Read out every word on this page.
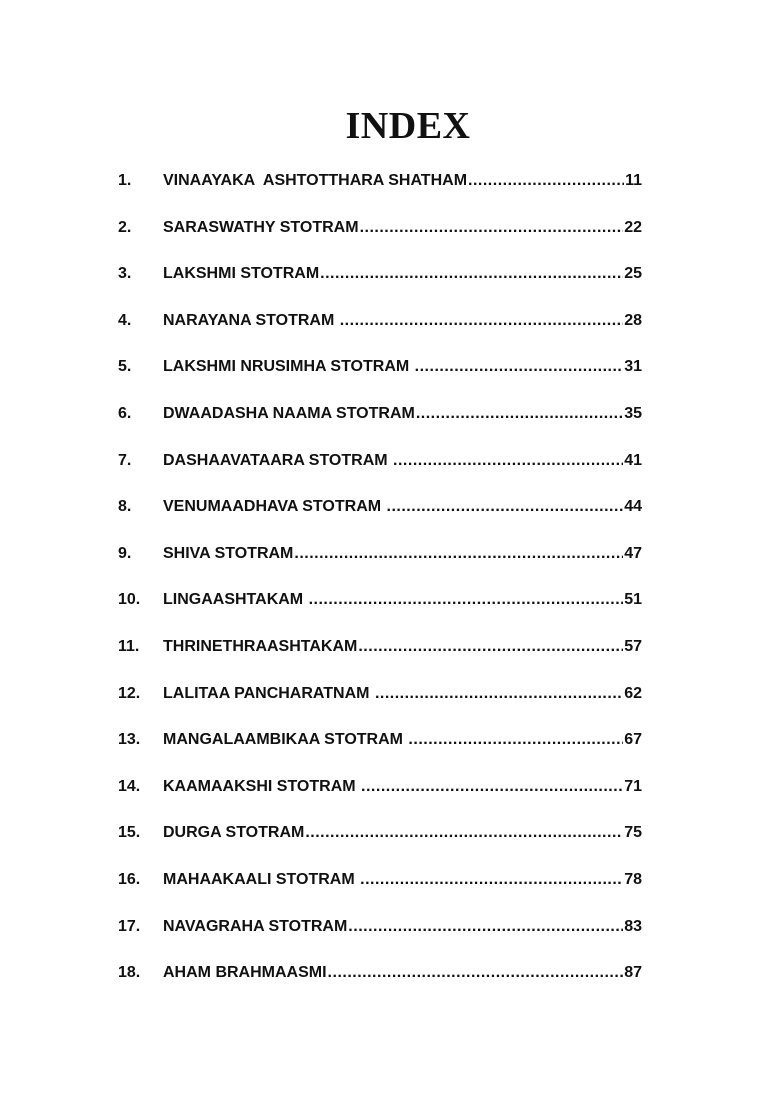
INDEX
1.	VINAAYAKA  ASHTOTTHARA SHATHAM .....	11
2.	SARASWATHY STOTRAM .....	22
3.	LAKSHMI STOTRAM .....	25
4.	NARAYANA STOTRAM .....	28
5.	LAKSHMI NRUSIMHA STOTRAM .....	31
6.	DWAADASHA NAAMA STOTRAM .....	35
7.	DASHAAVATAARA STOTRAM .....	41
8.	VENUMAADHAVA STOTRAM .....	44
9.	SHIVA STOTRAM .....	47
10.	LINGAASHTAKAM .....	51
11.	THRINETHRAASHTAKAM .....	57
12.	LALITAA PANCHARATNAM .....	62
13.	MANGALAAMBIKAA STOTRAM .....	67
14.	KAAMAAKSHI STOTRAM .....	71
15.	DURGA STOTRAM .....	75
16.	MAHAAKAALI STOTRAM .....	78
17.	NAVAGRAHA STOTRAM .....	83
18.	AHAM BRAHMAASMI .....	87
